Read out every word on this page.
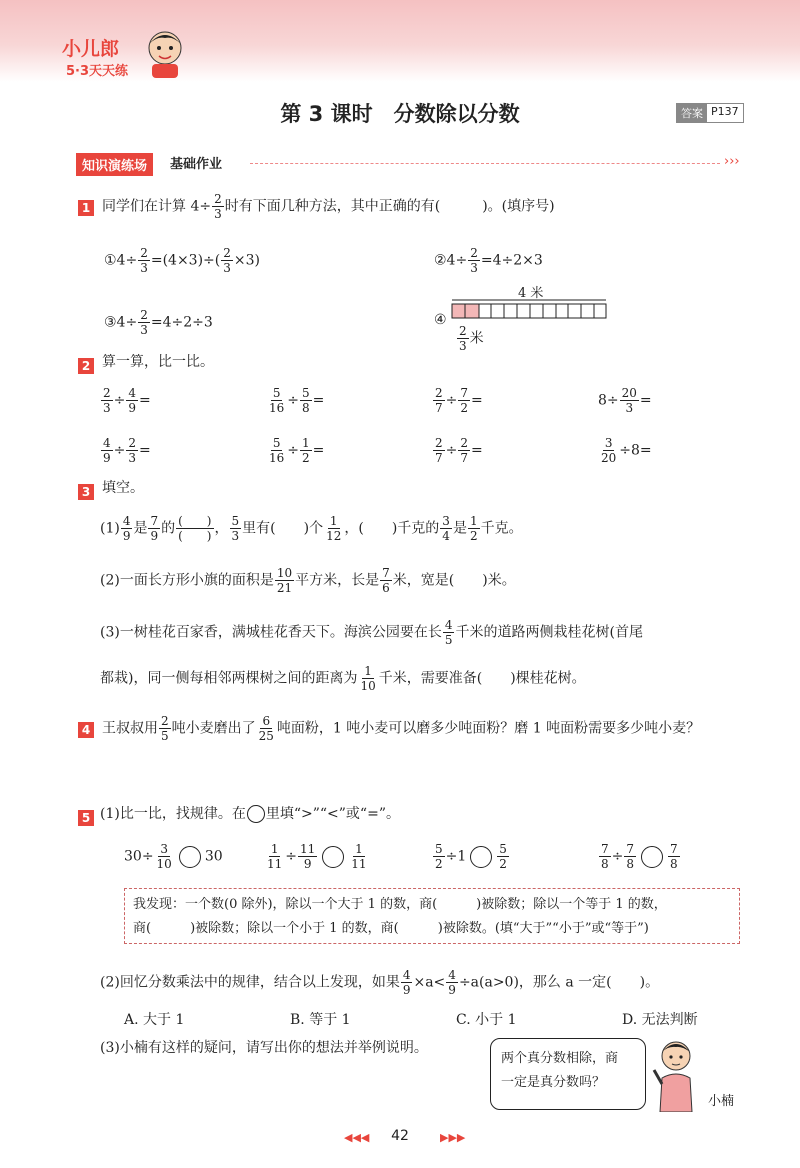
小儿郎
5·3天天练
第 3 课时　分数除以分数	答案 P137
知识演练场	基础作业	›››
1 同学们在计算 $4\div \frac{2}{3}$ 时有下面几种方法，其中正确的有(　　　)。(填序号)
①4÷ $\frac{2}{3} =(4\times 3)\div( \frac{2}{3} \times 3)$	②4÷ $\frac{2}{3} =4\div 2\times 3$
③4÷ $\frac{2}{3} =4\div 2\div 3$	④
4 米
$\frac{2}{3}$ 米
2 算一算，比一比。
$\frac{2}{3} \div \frac{4}{9}$ =	$\frac{5}{16} \div \frac{5}{8}$ =	$\frac{2}{7} \div \frac{7}{2}$ =	$8\div \frac{20}{3}$ =
$\frac{4}{9} \div \frac{2}{3}$ =	$\frac{5}{16} \div \frac{1}{2}$ =	$\frac{2}{7} \div \frac{2}{7}$ =	$\frac{3}{20} \div 8=$
3 填空。
$(1) \frac{4}{9}$ 是 $\frac{7}{9}$ 的 (　　)
(　　) ， $\frac{5}{3}$ 里有(　　)个 $\frac{1}{12}$ ，(　　)千克的 $\frac{3}{4}$ 是 $\frac{1}{2}$ 千克。
(2)一面长方形小旗的面积是 $\frac{10}{21}$ 平方米，长是 $\frac{7}{6}$ 米，宽是(　　)米。
(3)一树桂花百家香，满城桂花香天下。海滨公园要在长 $\frac{4}{5}$ 千米的道路两侧栽桂花树(首尾
都栽)，同一侧每相邻两棵树之间的距离为 $\frac{1}{10}$ 千米，需要准备(　　)棵桂花树。
4 王叔叔用 $\frac{2}{5}$ 吨小麦磨出了 $\frac{6}{25}$ 吨面粉，1 吨小麦可以磨多少吨面粉？磨 1 吨面粉需要多少吨小麦？
5 (1)比一比，找规律。在 里填“>”“<”或“=”。
$30\div \frac{3}{10} 30$	$\frac{1}{11} \div \frac{11}{9}$	$\frac{1}{11}$	$\frac{5}{2} \div 1$	$\frac{5}{2}$	$\frac{7}{8} \div \frac{7}{8}$	$\frac{7}{8}$
我发现：一个数(0 除外)，除以一个大于 1 的数，商(　　　)被除数；除以一个等于 1 的数，
商(　　　)被除数；除以一个小于 1 的数，商(　　　)被除数。(填“大于”“小于”或“等于”)
(2)回忆分数乘法中的规律，结合以上发现，如果 $\frac{4}{9} \times a< \frac{4}{9} \div a(a>0)$，那么 a 一定(　　)。
A. 大于 1	B. 等于 1	C. 小于 1	D. 无法判断
(3)小楠有这样的疑问，请写出你的想法并举例说明。
两个真分数相除，商
一定是真分数吗？
小楠
◀◀◀	42	▶▶▶
